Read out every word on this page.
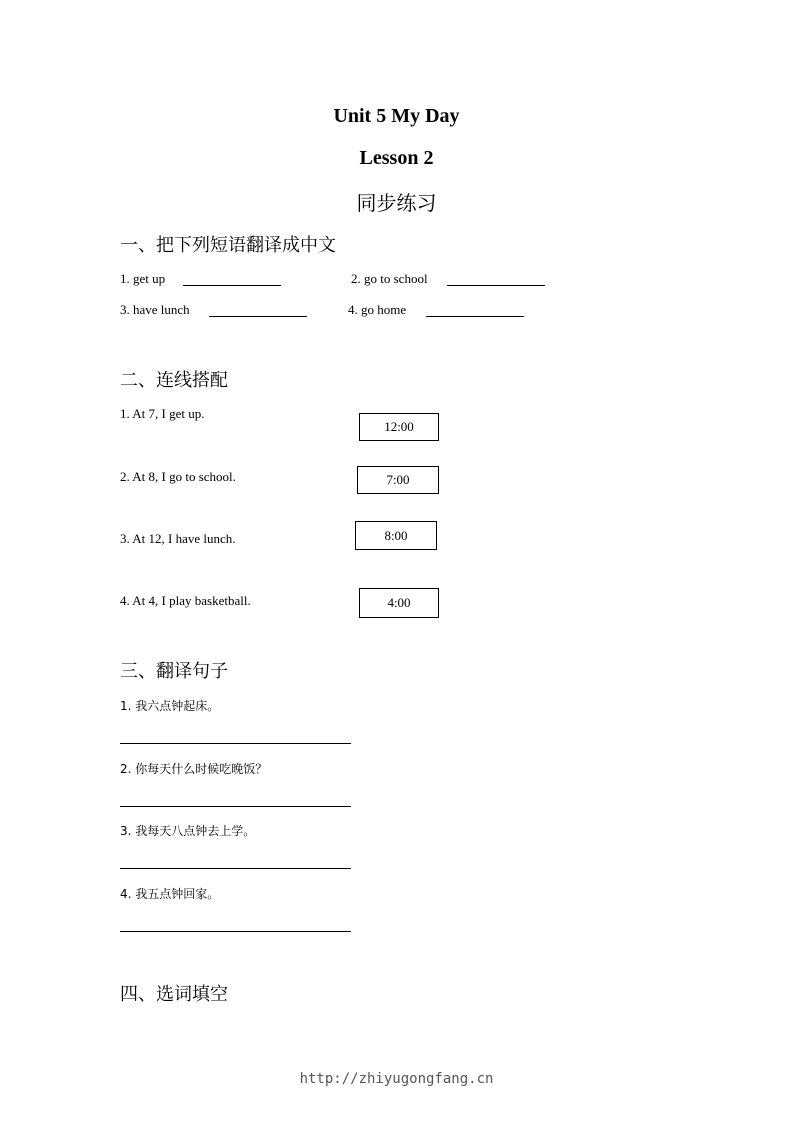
Unit 5 My Day
Lesson 2
同步练习
一、把下列短语翻译成中文
1. get up	2. go to school
3. have lunch	4. go home
二、连线搭配
1. At 7, I get up.
2. At 8, I go to school.
3. At 12, I have lunch.
4. At 4, I play basketball.
12:00
7:00
8:00
4:00
三、翻译句子
1. 我六点钟起床。
2. 你每天什么时候吃晚饭？
3. 我每天八点钟去上学。
4. 我五点钟回家。
四、选词填空
http://zhiyugongfang.cn
